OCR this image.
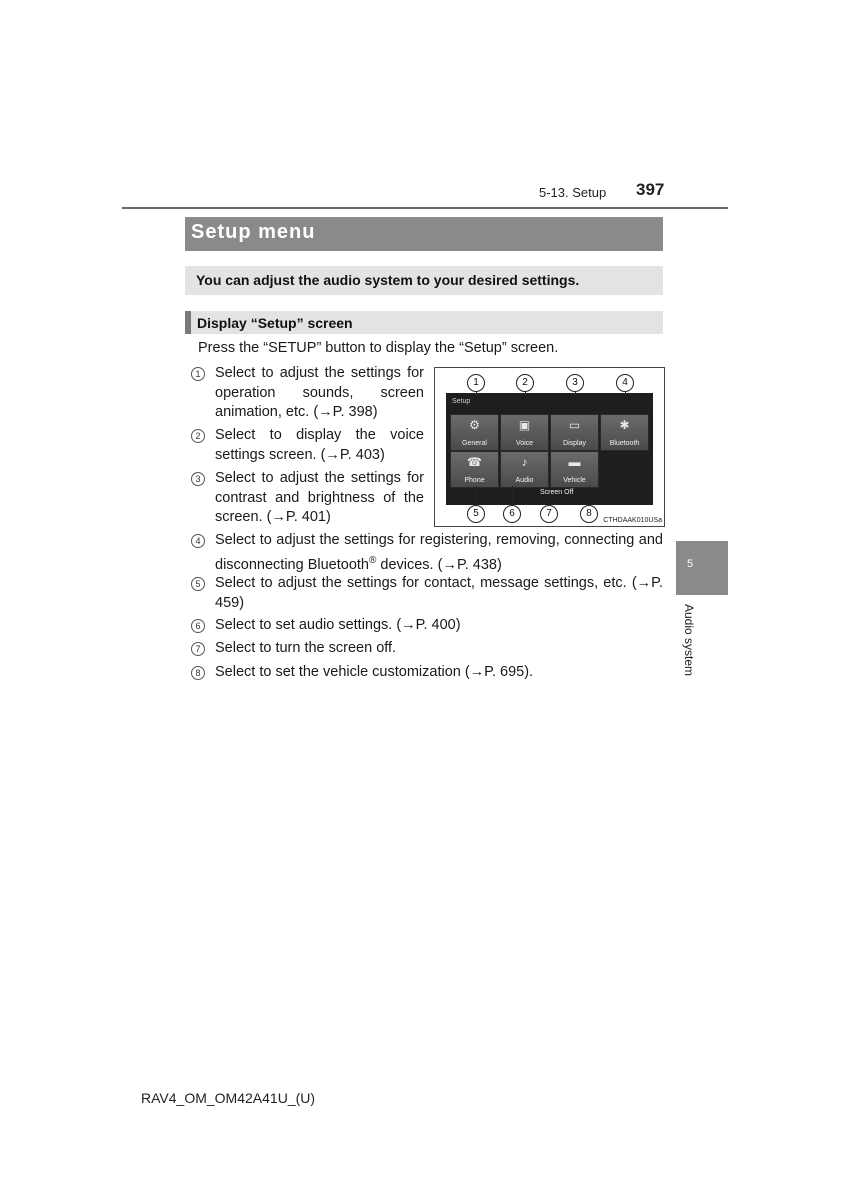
5-13. Setup 397
Setup menu
You can adjust the audio system to your desired settings.
Display “Setup” screen
Press the “SETUP” button to display the “Setup” screen.
1	Select to adjust the settings for operation sounds, screen animation, etc. (→P. 398)
2	Select to display the voice settings screen. (→P. 403)
3	Select to adjust the settings for contrast and brightness of the screen. (→P. 401)
4	Select to adjust the settings for registering, removing, connecting and disconnecting Bluetooth® devices. (→P. 438)
5	Select to adjust the settings for contact, message settings, etc. (→P. 459)
6	Select to set audio settings. (→P. 400)
7	Select to turn the screen off.
8	Select to set the vehicle customization (→P. 695).
1	2	3	4
Setup
⚙
General
▣
Voice
▭
Display
✱
Bluetooth
☎
Phone
♪
Audio
▬
Vehicle
Screen Off
5	6	7	8
CTHDAAK010USa
5
Audio system
RAV4_OM_OM42A41U_(U)
